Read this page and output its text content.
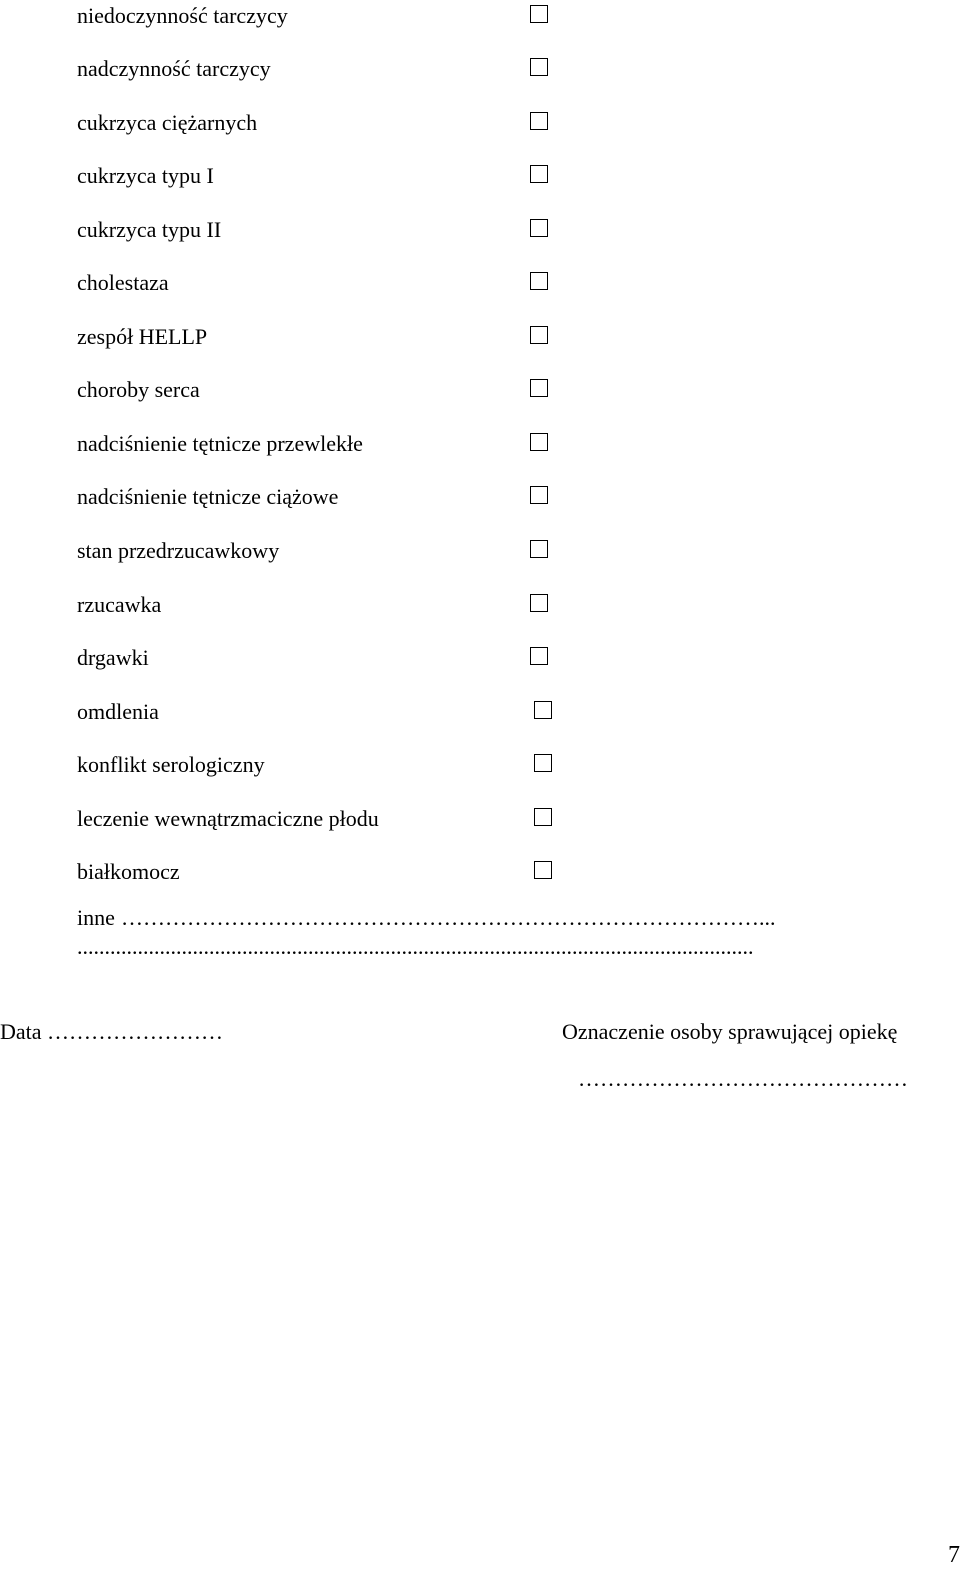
niedoczynność tarczycy
nadczynność tarczycy
cukrzyca ciężarnych
cukrzyca typu I
cukrzyca typu II
cholestaza
zespół HELLP
choroby serca
nadciśnienie tętnicze przewlekłe
nadciśnienie tętnicze ciążowe
stan przedrzucawkowy
rzucawka
drgawki
omdlenia
konflikt serologiczny
leczenie wewnątrzmaciczne płodu
białkomocz
inne ……………………………………………………………………………...
...........................................................................................................................
Data ……………………	Oznaczenie osoby sprawującej opiekę
………………………………………
7
